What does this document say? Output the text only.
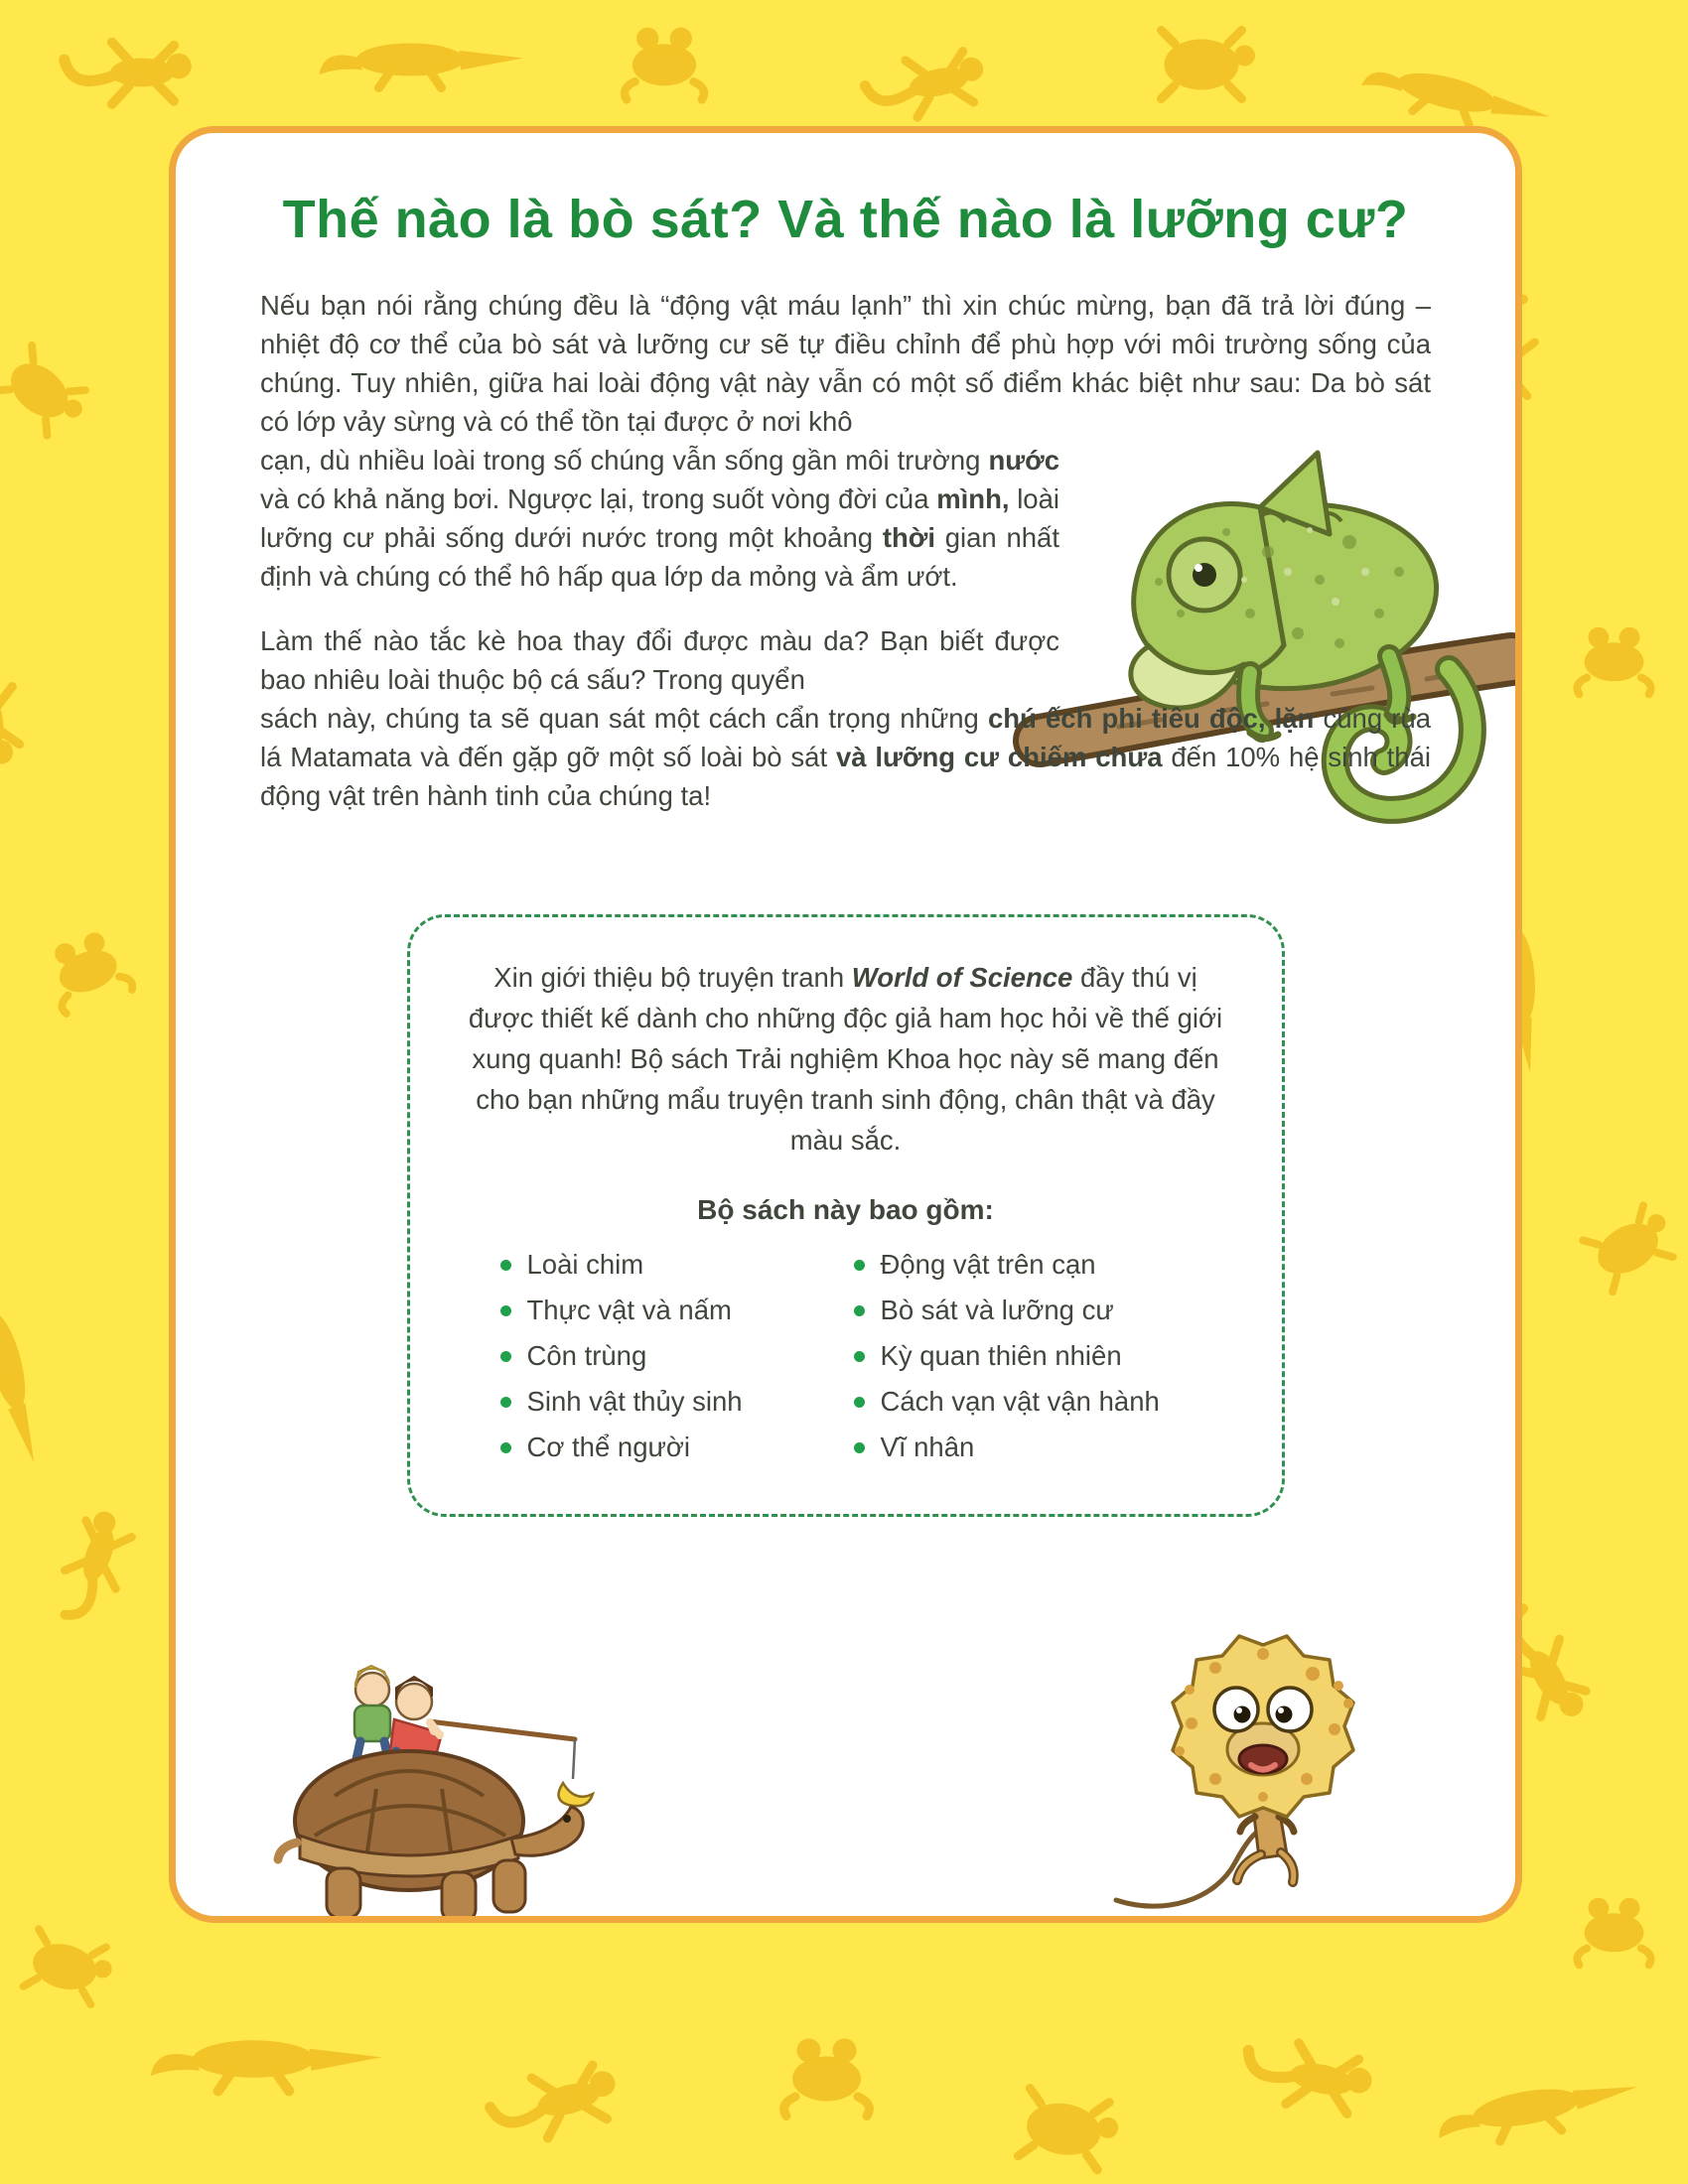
Thế nào là bò sát? Và thế nào là lưỡng cư?

Nếu bạn nói rằng chúng đều là “động vật máu lạnh” thì xin chúc mừng, bạn đã trả lời đúng – nhiệt độ cơ thể của bò sát và lưỡng cư sẽ tự điều chỉnh để phù hợp với môi trường sống của chúng. Tuy nhiên, giữa hai loài động vật này vẫn có một số điểm khác biệt như sau: Da bò sát có lớp vảy sừng và có thể tồn tại được ở nơi khô

cạn, dù nhiều loài trong số chúng vẫn sống gần môi trường nước và có khả năng bơi. Ngược lại, trong suốt vòng đời của mình, loài lưỡng cư phải sống dưới nước trong một khoảng thời gian nhất định và chúng có thể hô hấp qua lớp da mỏng và ẩm ướt.

Làm thế nào tắc kè hoa thay đổi được màu da? Bạn biết được bao nhiêu loài thuộc bộ cá sấu? Trong quyển

sách này, chúng ta sẽ quan sát một cách cẩn trọng những chú ếch phi tiêu độc, lặn cùng rùa lá Matamata và đến gặp gỡ một số loài bò sát và lưỡng cư chiếm chưa đến 10% hệ sinh thái động vật trên hành tinh của chúng ta!

Xin giới thiệu bộ truyện tranh World of Science đầy thú vị được thiết kế dành cho những độc giả ham học hỏi về thế giới xung quanh! Bộ sách Trải nghiệm Khoa học này sẽ mang đến cho bạn những mẩu truyện tranh sinh động, chân thật và đầy màu sắc.

Bộ sách này bao gồm:

Loài chim
Thực vật và nấm
Côn trùng
Sinh vật thủy sinh
Cơ thể người
Động vật trên cạn
Bò sát và lưỡng cư
Kỳ quan thiên nhiên
Cách vạn vật vận hành
Vĩ nhân
